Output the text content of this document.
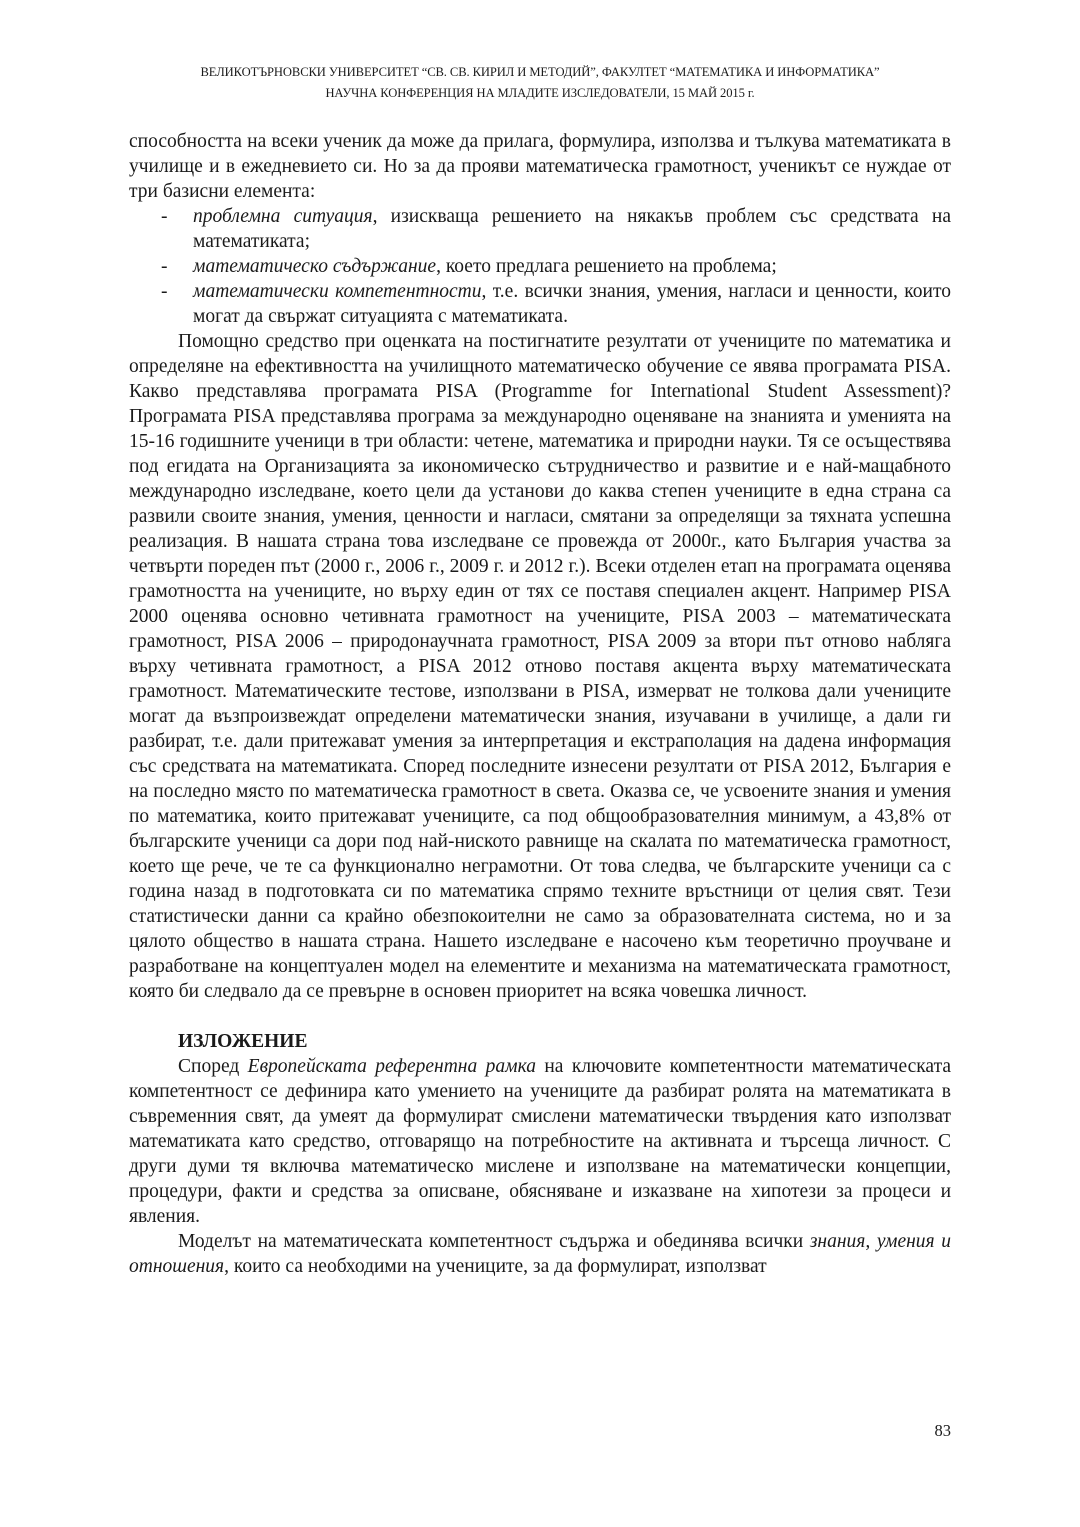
ВЕЛИКОТЪРНОВСКИ УНИВЕРСИТЕТ “СВ. СВ. КИРИЛ И МЕТОДИЙ”, ФАКУЛТЕТ “МАТЕМАТИКА И ИНФОРМАТИКА”
НАУЧНА КОНФЕРЕНЦИЯ НА МЛАДИТЕ ИЗСЛЕДОВАТЕЛИ, 15 МАЙ 2015 г.

способността на всеки ученик да може да прилага, формулира, използва и тълкува математиката в училище и в ежедневието си. Но за да прояви математическа грамотност, ученикът се нуждае от три базисни елемента:

- проблемна ситуация, изискваща решението на някакъв проблем със средствата на математиката;
- математическо съдържание, което предлага решението на проблема;
- математически компетентности, т.е. всички знания, умения, нагласи и ценности, които могат да свържат ситуацията с математиката.

Помощно средство при оценката на постигнатите резултати от учениците по математика и определяне на ефективността на училищното математическо обучение се явява програмата PISA. Какво представлява програмата PISA (Programme for International Student Assessment)? Програмата PISA представлява програма за международно оценяване на знанията и уменията на 15-16 годишните ученици в три области: четене, математика и природни науки. Тя се осъществява под егидата на Организацията за икономическо сътрудничество и развитие и е най-мащабното международно изследване, което цели да установи до каква степен учениците в една страна са развили своите знания, умения, ценности и нагласи, смятани за определящи за тяхната успешна реализация. В нашата страна това изследване се провежда от 2000г., като България участва за четвърти пореден път (2000 г., 2006 г., 2009 г. и 2012 г.). Всеки отделен етап на програмата оценява грамотността на учениците, но върху един от тях се поставя специален акцент. Например PISA 2000 оценява основно четивната грамотност на учениците, PISA 2003 – математическата грамотност, PISA 2006 – природонаучната грамотност, PISA 2009 за втори път отново набляга върху четивната грамотност, а PISA 2012 отново поставя акцента върху математическата грамотност. Математическите тестове, използвани в PISA, измерват не толкова дали учениците могат да възпроизвеждат определени математически знания, изучавани в училище, а дали ги разбират, т.е. дали притежават умения за интерпретация и екстраполация на дадена информация със средствата на математиката. Според последните изнесени резултати от PISA 2012, България е на последно място по математическа грамотност в света. Оказва се, че усвоените знания и умения по математика, които притежават учениците, са под общообразователния минимум, а 43,8% от българските ученици са дори под най-ниското равнище на скалата по математическа грамотност, което ще рече, че те са функционално неграмотни. От това следва, че българските ученици са с година назад в подготовката си по математика спрямо техните връстници от целия свят. Тези статистически данни са крайно обезпокоителни не само за образователната система, но и за цялото общество в нашата страна. Нашето изследване е насочено към теоретично проучване и разработване на концептуален модел на елементите и механизма на математическата грамотност, която би следвало да се превърне в основен приоритет на всяка човешка личност.

ИЗЛОЖЕНИЕ

Според Европейската референтна рамка на ключовите компетентности математическата компетентност се дефинира като умението на учениците да разбират ролята на математиката в съвременния свят, да умеят да формулират смислени математически твърдения като използват математиката като средство, отговарящо на потребностите на активната и търсеща личност. С други думи тя включва математическо мислене и използване на математически концепции, процедури, факти и средства за описване, обясняване и изказване на хипотези за процеси и явления.

Моделът на математическата компетентност съдържа и обединява всички знания, умения и отношения, които са необходими на учениците, за да формулират, използват

83
